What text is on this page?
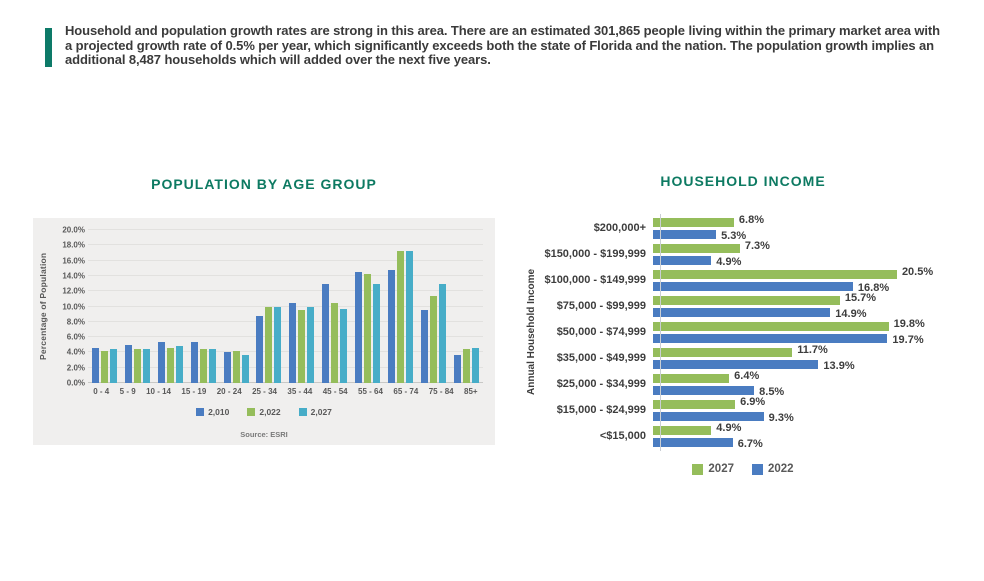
Household and population growth rates are strong in this area. There are an estimated 301,865 people living within the primary market area with a projected growth rate of 0.5% per year, which significantly exceeds both the state of Florida and the nation. The population growth implies an additional 8,487 households which will added over the next five years.
POPULATION BY AGE GROUP
Percentage of Population
20.0%
18.0%
16.0%
14.0%
12.0%
10.0%
8.0%
6.0%
4.0%
2.0%
0.0%
0 - 4 5 - 9 10 - 14 15 - 19 20 - 24 25 - 34 35 - 44 45 - 54 55 - 64 65 - 74 75 - 84 85+
2,010	2,022	2,027
Source: ESRI
HOUSEHOLD INCOME
Annual Household Income
$200,000+
6.8%
5.3%
$150,000 - $199,999
7.3%
4.9%
$100,000 - $149,999
20.5%
16.8%
$75,000 - $99,999
15.7%
14.9%
$50,000 - $74,999
19.8%
19.7%
$35,000 - $49,999
11.7%
13.9%
$25,000 - $34,999
6.4%
8.5%
$15,000 - $24,999
6.9%
9.3%
<$15,000
4.9%
6.7%
2027	2022
